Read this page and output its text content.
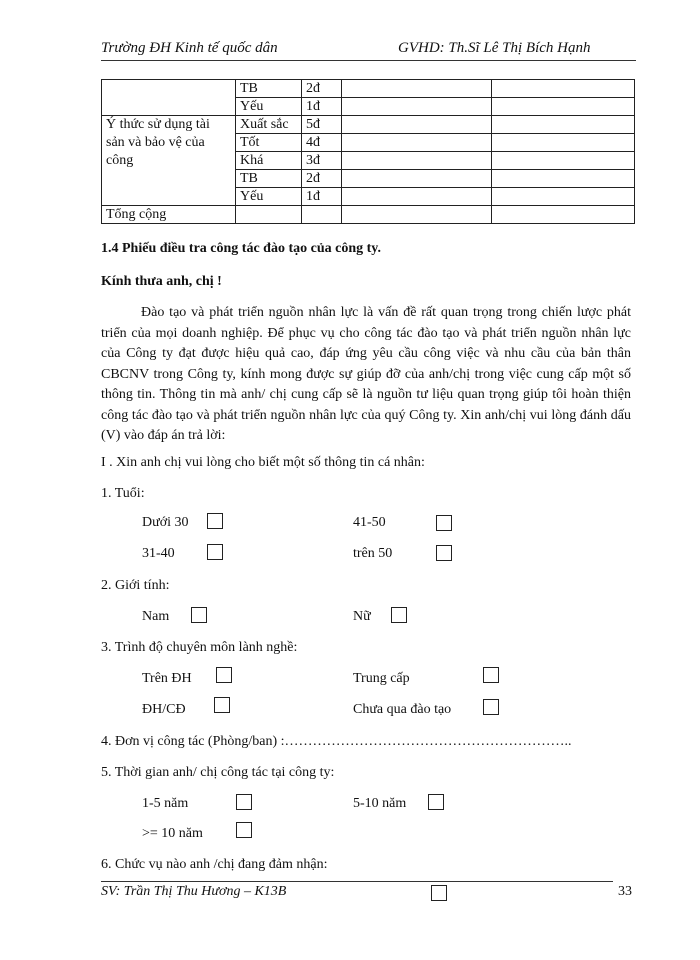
Trường ĐH Kinh tế quốc dân	GVHD: Th.Sĩ Lê Thị Bích Hạnh
	TB	2đ		
	Yếu	1đ		
Ý thức sử dụng tài sản và bảo vệ của công	Xuất sắc	5đ		
	Tốt	4đ		
	Khá	3đ		
	TB	2đ		
	Yếu	1đ		
Tổng cộng				
1.4 Phiếu điều tra công tác đào tạo của công ty.
Kính thưa anh, chị !
Đào tạo và phát triển nguồn nhân lực là vấn đề rất quan trọng trong chiến lược phát triển của mọi doanh nghiệp. Để phục vụ cho công tác đào tạo và phát triển nguồn nhân lực của Công ty đạt được hiệu quả cao, đáp ứng yêu cầu công việc và nhu cầu của bản thân CBCNV trong Công ty, kính mong được sự giúp đỡ của anh/chị trong việc cung cấp một số thông tin. Thông tin mà anh/ chị cung cấp sẽ là nguồn tư liệu quan trọng giúp tôi hoàn thiện công tác đào tạo và phát triển nguồn nhân lực của quý Công ty. Xin anh/chị vui lòng đánh dấu (V) vào đáp án trả lời:
I . Xin anh chị vui lòng cho biết một số thông tin cá nhân:
1. Tuổi:
Dưới 30	41-50
31-40	trên 50
2. Giới tính:
Nam	Nữ
3. Trình độ chuyên môn lành nghề:
Trên ĐH	Trung cấp
ĐH/CĐ	Chưa qua đào tạo
4. Đơn vị công tác (Phòng/ban) :……………………………………………………..
5. Thời gian anh/ chị công tác tại công ty:
1-5 năm	5-10 năm
>= 10 năm
6. Chức vụ nào anh /chị đang đảm nhận:
SV: Trần Thị Thu Hương – K13B	33
